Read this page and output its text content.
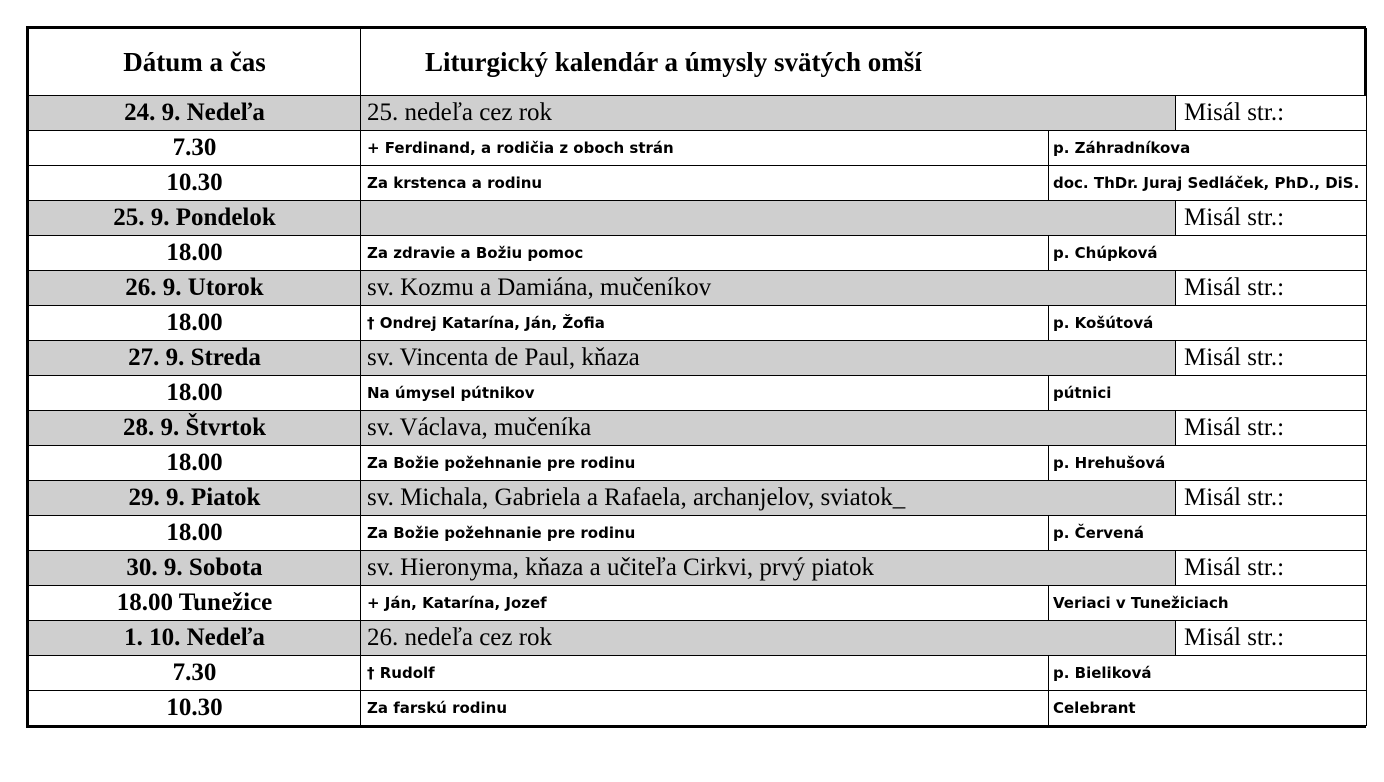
Dátum a čas	Liturgický kalendár a úmysly svätých omší		
24. 9. Nedeľa	25. nedeľa cez rok		Misál str.:
7.30	+ Ferdinand, a rodičia z oboch strán	p. Záhradníkova	
10.30	Za krstenca a rodinu	doc. ThDr. Juraj Sedláček, PhD., DiS.	
25. 9. Pondelok			Misál str.:
18.00	Za zdravie a Božiu pomoc	p. Chúpková	
26. 9. Utorok	sv. Kozmu a Damiána, mučeníkov		Misál str.:
18.00	† Ondrej Katarína, Ján, Žofia	p. Košútová	
27. 9. Streda	sv. Vincenta de Paul, kňaza		Misál str.:
18.00	Na úmysel pútnikov	pútnici	
28. 9. Štvrtok	sv. Václava, mučeníka		Misál str.:
18.00	Za Božie požehnanie pre rodinu	p. Hrehušová	
29. 9. Piatok	sv. Michala, Gabriela a Rafaela, archanjelov, sviatok_		Misál str.:
18.00	Za Božie požehnanie pre rodinu	p. Červená	
30. 9. Sobota	sv. Hieronyma, kňaza a učiteľa Cirkvi, prvý piatok		Misál str.:
18.00 Tunežice	+ Ján, Katarína, Jozef	Veriaci v Tunežiciach	
1. 10. Nedeľa	26. nedeľa cez rok		Misál str.:
7.30	† Rudolf	p. Bieliková	
10.30	Za farskú rodinu	Celebrant	
